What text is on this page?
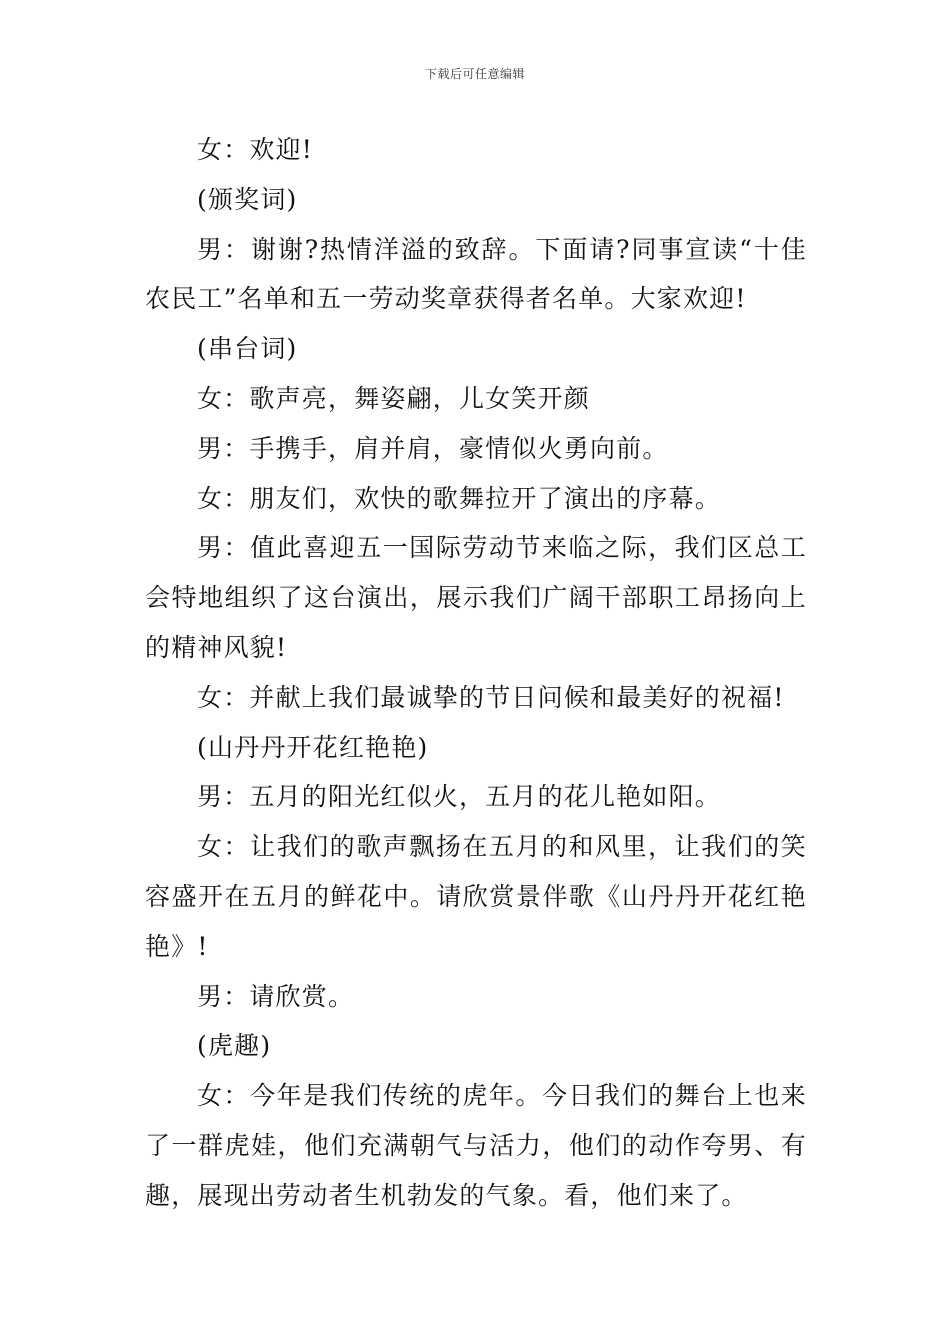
下载后可任意编辑

女：欢迎!

(颁奖词)

男：谢谢?热情洋溢的致辞。下面请?同事宣读“十佳农民工”名单和五一劳动奖章获得者名单。大家欢迎!

(串台词)

女：歌声亮，舞姿翩，儿女笑开颜

男：手携手，肩并肩，豪情似火勇向前。

女：朋友们，欢快的歌舞拉开了演出的序幕。

男：值此喜迎五一国际劳动节来临之际，我们区总工会特地组织了这台演出，展示我们广阔干部职工昂扬向上的精神风貌!

女：并献上我们最诚挚的节日问候和最美好的祝福!

(山丹丹开花红艳艳)

男：五月的阳光红似火，五月的花儿艳如阳。

女：让我们的歌声飘扬在五月的和风里，让我们的笑容盛开在五月的鲜花中。请欣赏景伴歌《山丹丹开花红艳艳》!

男：请欣赏。

(虎趣)

女：今年是我们传统的虎年。今日我们的舞台上也来了一群虎娃，他们充满朝气与活力，他们的动作夸男、有趣，展现出劳动者生机勃发的气象。看，他们来了。
